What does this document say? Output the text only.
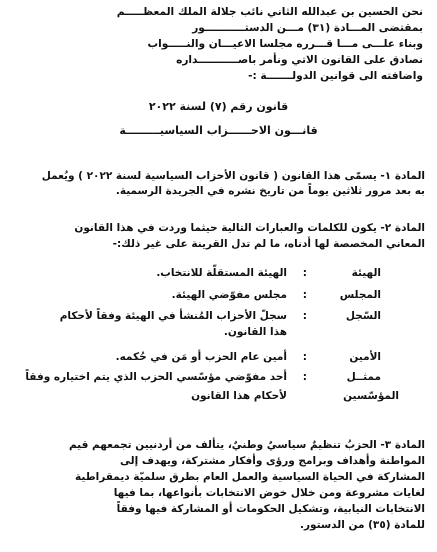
نحن الحسين بن عبدالله الثاني نائب جلالة الملك المعظـــــم
بمقتضى المـــادة (٣١) مـــن الدستـــــــــــور
وبناء علـــى مـــا قـــرره مجلسا الاعيـــان والنـــــواب
نصادق على القانون الاتي ونأمر باصـــــــــــداره
واضافته الى قوانين الدولـــــــة :-
قانون رقم (٧) لسنة ٢٠٢٢
قانـــون الاحــــــزاب السياسيـــــــــة
المادة ١- يسمّى هذا القانون ( قانون الأحزاب السياسية لسنة ٢٠٢٢ ) ويُعمل
به بعد مرور ثلاثين يوماً من تاريخ نشره في الجريدة الرسمية.
المادة ٢- يكون للكلمات والعبارات التالية حيثما وردت في هذا القانون
المعاني المخصصة لها أدناه، ما لم تدل القرينة على غير ذلك:-
الهيئة
:
الهيئة المستقلّة للانتخاب.
المجلس
:
مجلس مفوّضي الهيئة.
السّجل
:
سجلّ الأحزاب المُنشأ في الهيئة وفقاً لأحكام
هذا القانون.
الأمين
:
أمين عام الحزب أو مَن في حُكمه.
ممثــل
:
أحد مفوّضي مؤسّسي الحزب الذي يتم اختياره وفقاً
المؤسّسين
لأحكام هذا القانون
المادة ٣- الحزبُ تنظيمٌ سياسيٌ وطنيٌ، يتألف من أردنيين تجمعهم قيم
المواطنة وأهداف وبرامج ورؤى وأفكار مشتركة، ويهدف إلى
المشاركة في الحياة السياسية والعمل العام بطرق سلميّة ديمقراطية
لغايات مشروعة ومن خلال خوض الانتخابات بأنواعها، بما فيها
الانتخابات النيابية، وتشكيل الحكومات أو المشاركة فيها وفقاً
للمادة (٣٥) من الدستور.
